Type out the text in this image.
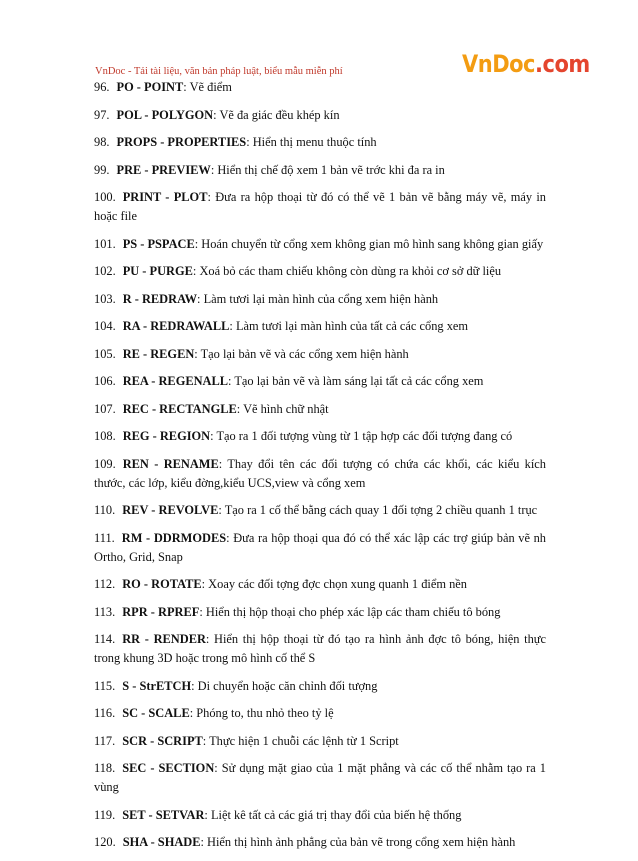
VnDoc - Tải tài liệu, văn bản pháp luật, biểu mẫu miễn phí	VnDoc.com

96. PO - POINT: Vẽ điểm

97. POL - POLYGON: Vẽ đa giác đều khép kín

98. PROPS - PROPERTIES: Hiển thị menu thuộc tính

99. PRE - PREVIEW: Hiển thị chế độ xem 1 bản vẽ trớc khi đa ra in

100. PRINT - PLOT: Đưa ra hộp thoại từ đó có thể vẽ 1 bản vẽ bằng máy vẽ, máy in hoặc file

101. PS - PSPACE: Hoán chuyển từ cổng xem không gian mô hình sang không gian giấy

102. PU - PURGE: Xoá bỏ các tham chiếu không còn dùng ra khỏi cơ sở dữ liệu

103. R - REDRAW: Làm tươi lại màn hình của cổng xem hiện hành

104. RA - REDRAWALL: Làm tươi lại màn hình của tất cả các cổng xem

105. RE - REGEN: Tạo lại bản vẽ và các cổng xem hiện hành

106. REA - REGENALL: Tạo lại bản vẽ và làm sáng lại tất cả các cổng xem

107. REC - RECTANGLE: Vẽ hình chữ nhật

108. REG - REGION: Tạo ra 1 đối tượng vùng từ 1 tập hợp các đối tượng đang có

109. REN - RENAME: Thay đổi tên các đối tượng có chứa các khối, các kiểu kích thước, các lớp, kiểu đờng,kiểu UCS,view và cổng xem

110. REV - REVOLVE: Tạo ra 1 cố thể bằng cách quay 1 đối tợng 2 chiều quanh 1 trục

111. RM - DDRMODES: Đưa ra hộp thoại qua đó có thể xác lập các trợ giúp bản vẽ nh Ortho, Grid, Snap

112. RO - ROTATE: Xoay các đối tợng đợc chọn xung quanh 1 điểm nền

113. RPR - RPREF: Hiển thị hộp thoại cho phép xác lập các tham chiếu tô bóng

114. RR - RENDER: Hiển thị hộp thoại từ đó tạo ra hình ảnh đợc tô bóng, hiện thực trong khung 3D hoặc trong mô hình cố thể S

115. S - StrETCH: Di chuyển hoặc căn chỉnh đối tượng

116. SC - SCALE: Phóng to, thu nhỏ theo tỷ lệ

117. SCR - SCRIPT: Thực hiện 1 chuỗi các lệnh từ 1 Script

118. SEC - SECTION: Sử dụng mặt giao của 1 mặt phẳng và các cố thể nhằm tạo ra 1 vùng

119. SET - SETVAR: Liệt kê tất cả các giá trị thay đổi của biến hệ thống

120. SHA - SHADE: Hiển thị hình ảnh phẳng của bản vẽ trong cổng xem hiện hành
